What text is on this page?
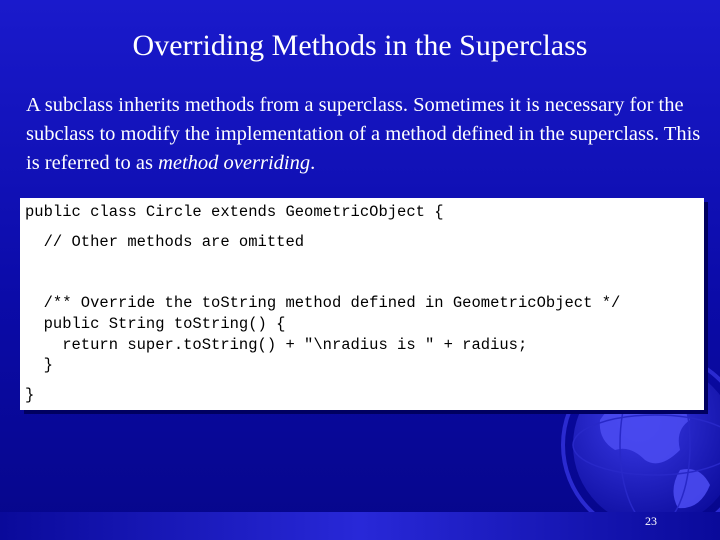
Overriding Methods in the Superclass
A subclass inherits methods from a superclass. Sometimes it is necessary for the subclass to modify the implementation of a method defined in the superclass. This is referred to as method overriding.
public class Circle extends GeometricObject {
// Other methods are omitted
/** Override the toString method defined in GeometricObject */
public String toString() {
return super.toString() + "\nradius is " + radius;
}
}
23
